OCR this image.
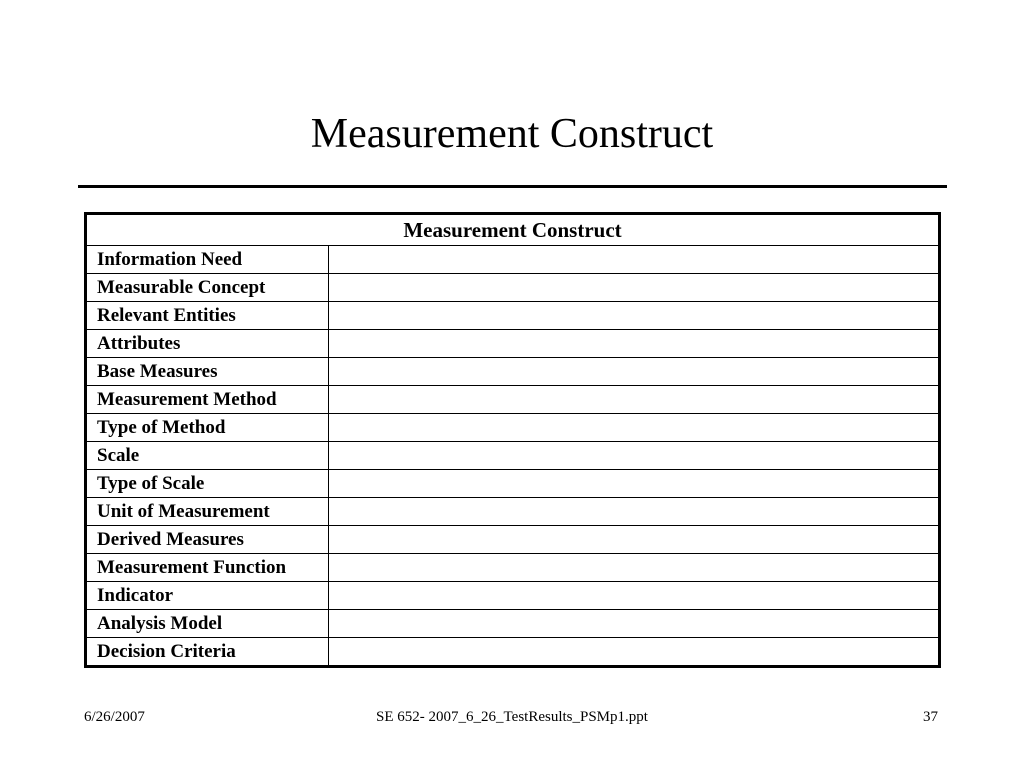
Measurement Construct
Measurement Construct	
Information Need	
Measurable Concept	
Relevant Entities	
Attributes	
Base Measures	
Measurement Method	
Type of Method	
Scale	
Type of Scale	
Unit of Measurement	
Derived Measures	
Measurement Function	
Indicator	
Analysis Model	
Decision Criteria	
6/26/2007	SE 652- 2007_6_26_TestResults_PSMp1.ppt	37
